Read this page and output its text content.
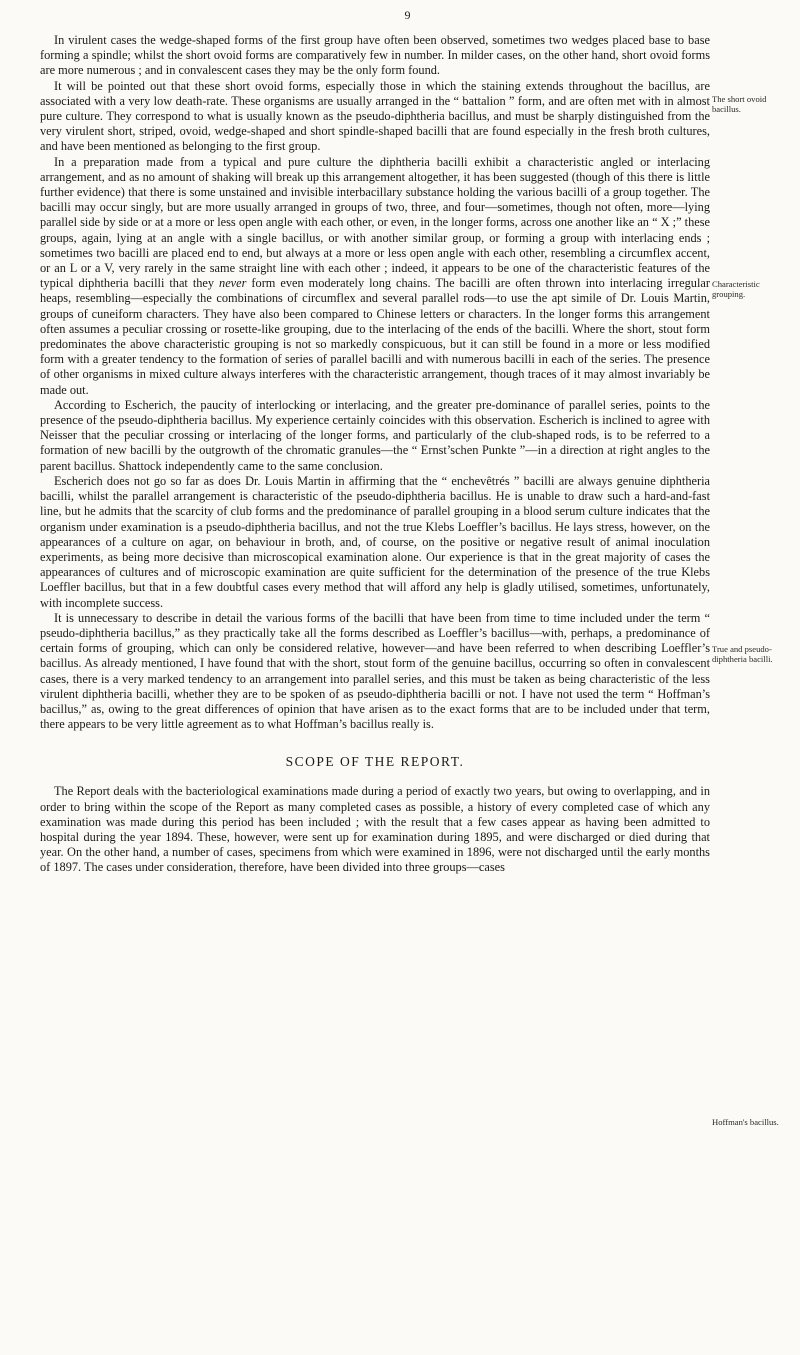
9

In virulent cases the wedge-shaped forms of the first group have often been observed, sometimes two wedges placed base to base forming a spindle; whilst the short ovoid forms are comparatively few in number. In milder cases, on the other hand, short ovoid forms are more numerous ; and in convalescent cases they may be the only form found.

The short ovoid bacillus.

It will be pointed out that these short ovoid forms, especially those in which the staining extends throughout the bacillus, are associated with a very low death-rate. These organisms are usually arranged in the “ battalion ” form, and are often met with in almost pure culture. They correspond to what is usually known as the pseudo-diphtheria bacillus, and must be sharply distinguished from the very virulent short, striped, ovoid, wedge-shaped and short spindle-shaped bacilli that are found especially in the fresh broth cultures, and have been mentioned as belonging to the first group.

Characteristic grouping.

In a preparation made from a typical and pure culture the diphtheria bacilli exhibit a characteristic angled or interlacing arrangement, and as no amount of shaking will break up this arrangement altogether, it has been suggested (though of this there is little further evidence) that there is some unstained and invisible interbacillary substance holding the various bacilli of a group together. The bacilli may occur singly, but are more usually arranged in groups of two, three, and four—sometimes, though not often, more—lying parallel side by side or at a more or less open angle with each other, or even, in the longer forms, across one another like an “ X ;” these groups, again, lying at an angle with a single bacillus, or with another similar group, or forming a group with interlacing ends ; sometimes two bacilli are placed end to end, but always at a more or less open angle with each other, resembling a circumflex accent, or an L or a V, very rarely in the same straight line with each other ; indeed, it appears to be one of the characteristic features of the typical diphtheria bacilli that they never form even moderately long chains. The bacilli are often thrown into interlacing irregular heaps, resembling—especially the combinations of circumflex and several parallel rods—to use the apt simile of Dr. Louis Martin, groups of cuneiform characters. They have also been compared to Chinese letters or characters. In the longer forms this arrangement often assumes a peculiar crossing or rosette-like grouping, due to the interlacing of the ends of the bacilli. Where the short, stout form predominates the above characteristic grouping is not so markedly conspicuous, but it can still be found in a more or less modified form with a greater tendency to the formation of series of parallel bacilli and with numerous bacilli in each of the series. The presence of other organisms in mixed culture always interferes with the characteristic arrangement, though traces of it may almost invariably be made out.

True and pseudo-diphtheria bacilli.

According to Escherich, the paucity of interlocking or interlacing, and the greater pre-dominance of parallel series, points to the presence of the pseudo-diphtheria bacillus. My experience certainly coincides with this observation. Escherich is inclined to agree with Neisser that the peculiar crossing or interlacing of the longer forms, and particularly of the club-shaped rods, is to be referred to a formation of new bacilli by the outgrowth of the chromatic granules—the “ Ernst’schen Punkte ”—in a direction at right angles to the parent bacillus. Shattock independently came to the same conclusion.

Escherich does not go so far as does Dr. Louis Martin in affirming that the “ enchevêtrés ” bacilli are always genuine diphtheria bacilli, whilst the parallel arrangement is characteristic of the pseudo-diphtheria bacillus. He is unable to draw such a hard-and-fast line, but he admits that the scarcity of club forms and the predominance of parallel grouping in a blood serum culture indicates that the organism under examination is a pseudo-diphtheria bacillus, and not the true Klebs Loeffler’s bacillus. He lays stress, however, on the appearances of a culture on agar, on behaviour in broth, and, of course, on the positive or negative result of animal inoculation experiments, as being more decisive than microscopical examination alone. Our experience is that in the great majority of cases the appearances of cultures and of microscopic examination are quite sufficient for the determination of the presence of the true Klebs Loeffler bacillus, but that in a few doubtful cases every method that will afford any help is gladly utilised, sometimes, unfortunately, with incomplete success.

Hoffman's bacillus.

It is unnecessary to describe in detail the various forms of the bacilli that have been from time to time included under the term “ pseudo-diphtheria bacillus,” as they practically take all the forms described as Loeffler’s bacillus—with, perhaps, a predominance of certain forms of grouping, which can only be considered relative, however—and have been referred to when describing Loeffler’s bacillus. As already mentioned, I have found that with the short, stout form of the genuine bacillus, occurring so often in convalescent cases, there is a very marked tendency to an arrangement into parallel series, and this must be taken as being characteristic of the less virulent diphtheria bacilli, whether they are to be spoken of as pseudo-diphtheria bacilli or not. I have not used the term “ Hoffman’s bacillus,” as, owing to the great differences of opinion that have arisen as to the exact forms that are to be included under that term, there appears to be very little agreement as to what Hoffman’s bacillus really is.

SCOPE OF THE REPORT.

The Report deals with the bacteriological examinations made during a period of exactly two years, but owing to overlapping, and in order to bring within the scope of the Report as many completed cases as possible, a history of every completed case of which any examination was made during this period has been included ; with the result that a few cases appear as having been admitted to hospital during the year 1894. These, however, were sent up for examination during 1895, and were discharged or died during that year. On the other hand, a number of cases, specimens from which were examined in 1896, were not discharged until the early months of 1897. The cases under consideration, therefore, have been divided into three groups—cases
